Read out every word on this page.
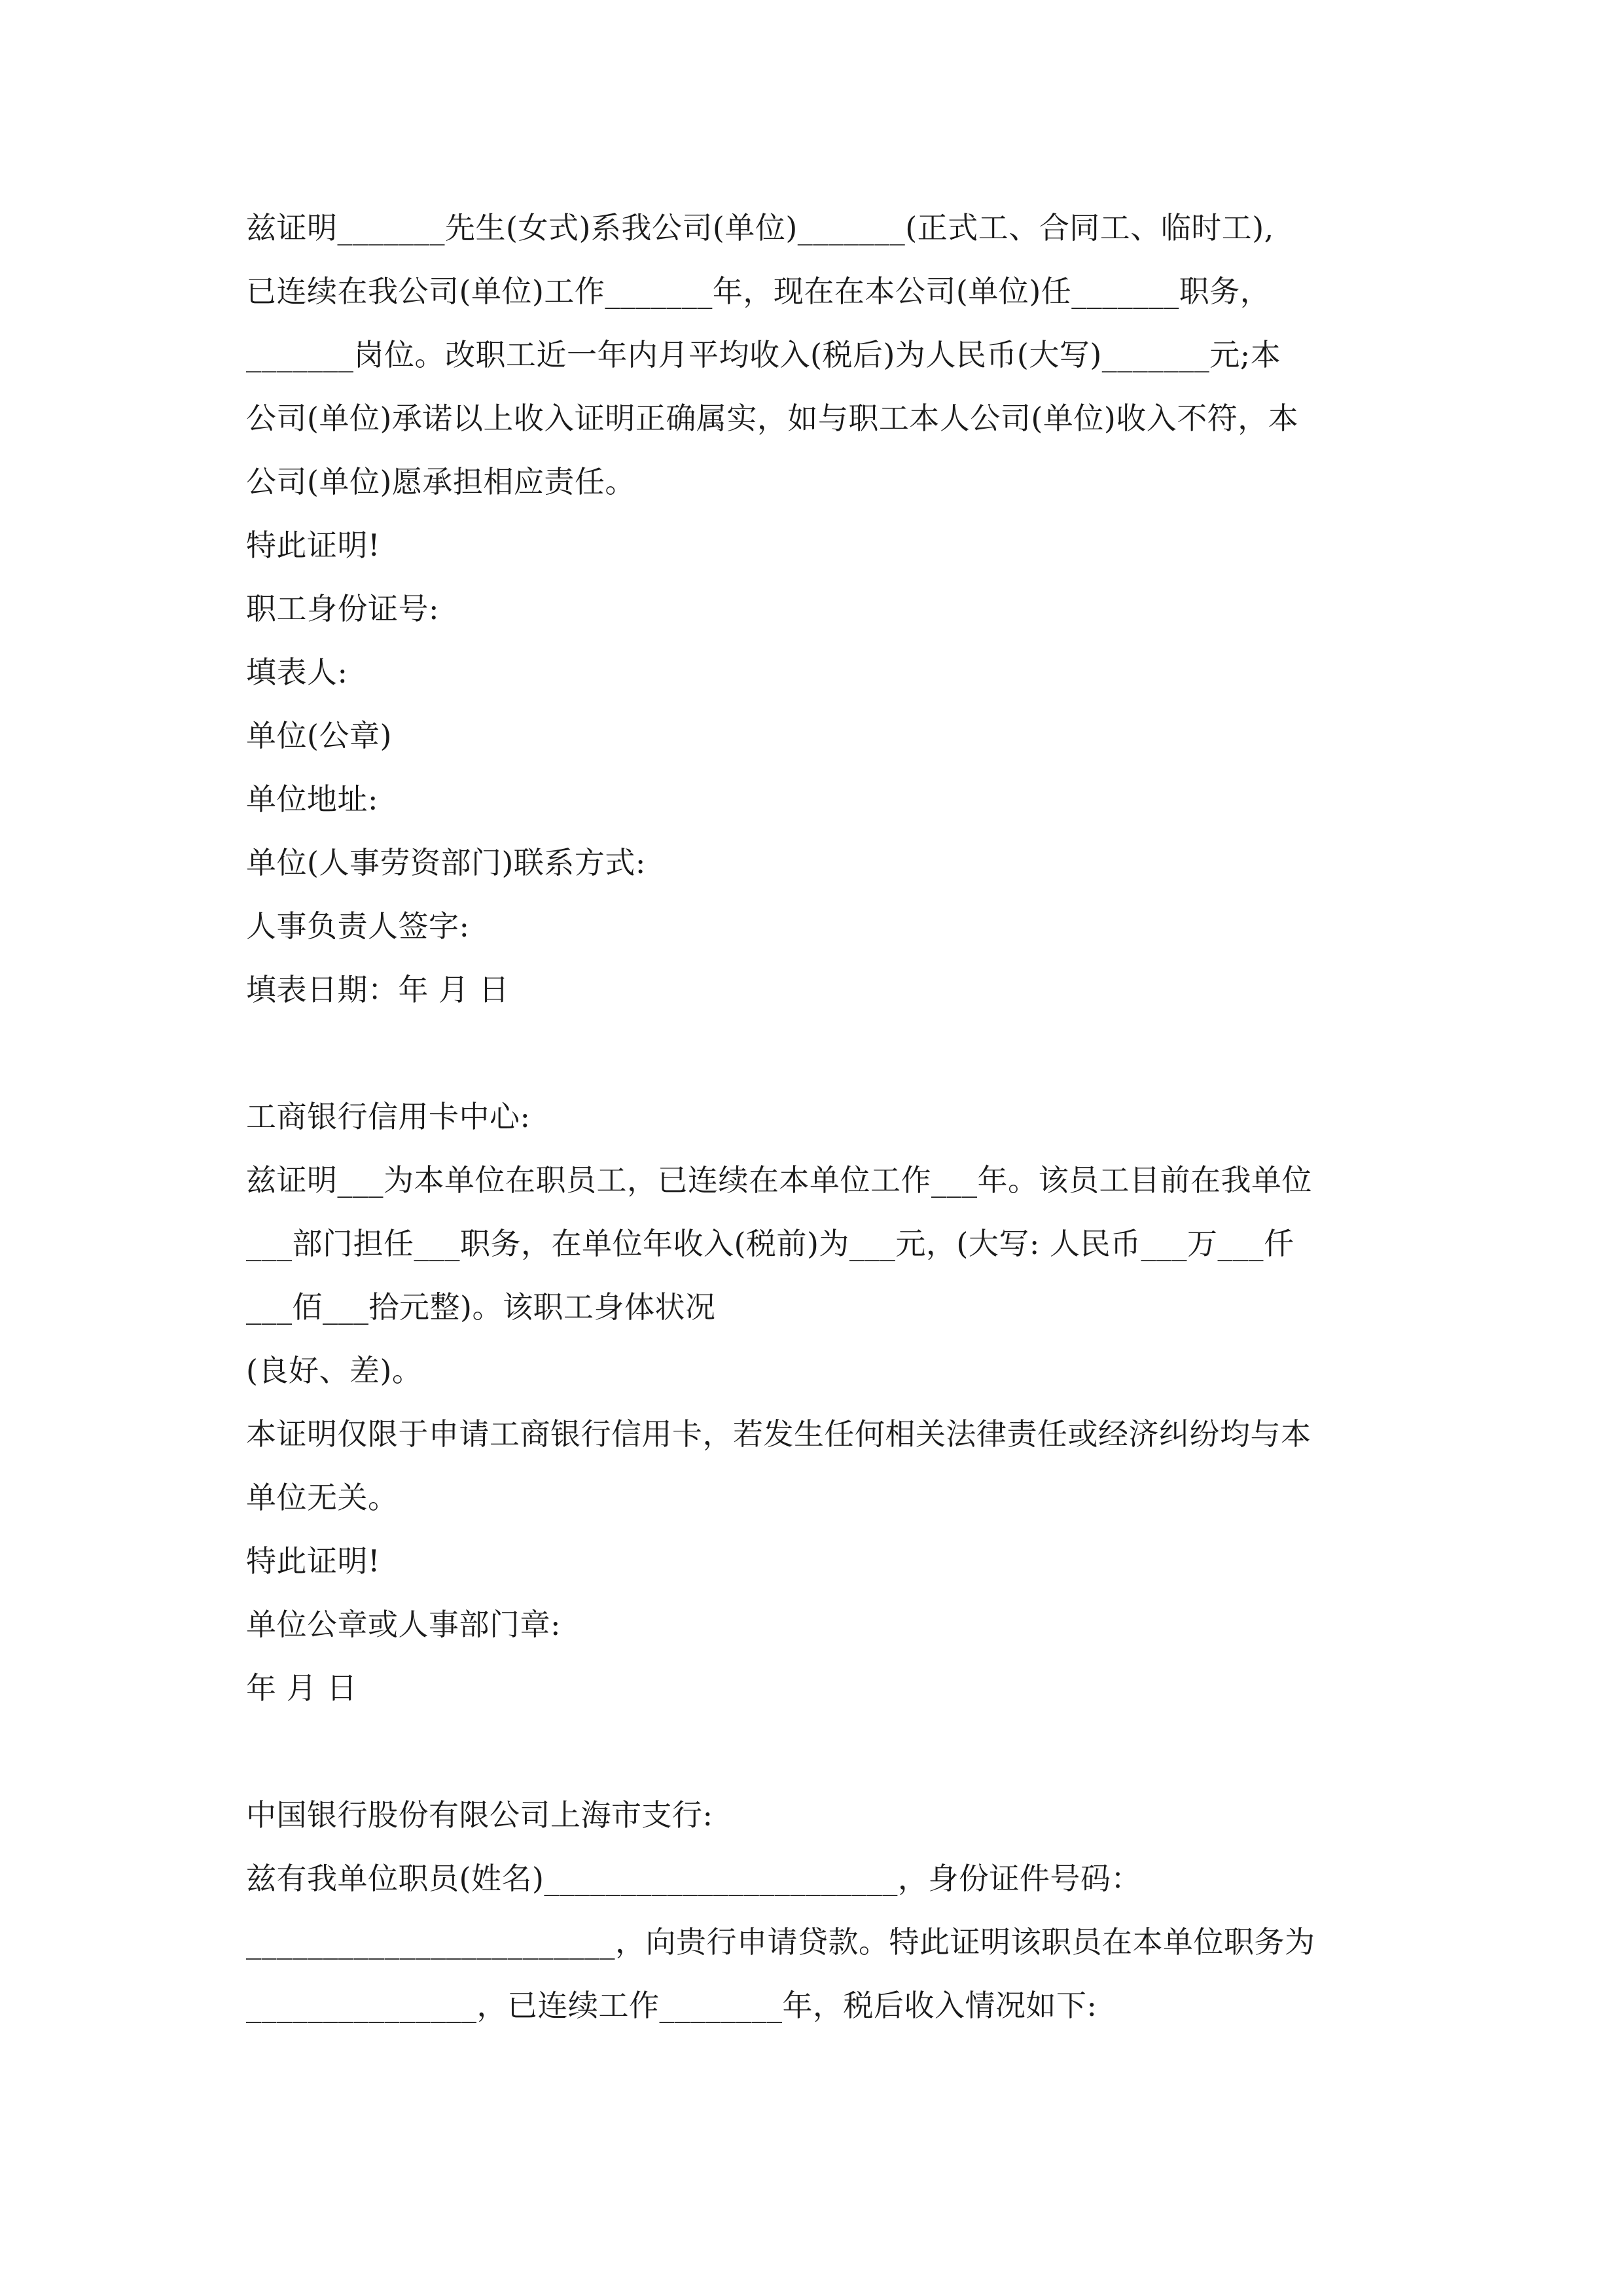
兹证明_______先生(女式)系我公司(单位)_______(正式工、合同工、临时工),

已连续在我公司(单位)工作_______年，现在在本公司(单位)任_______职务，

_______岗位。改职工近一年内月平均收入(税后)为人民币(大写)_______元;本

公司(单位)承诺以上收入证明正确属实，如与职工本人公司(单位)收入不符，本

公司(单位)愿承担相应责任。

特此证明!

职工身份证号:

填表人:

单位(公章)

单位地址:

单位(人事劳资部门)联系方式:

人事负责人签字:

填表日期：年 月 日

工商银行信用卡中心:

兹证明___为本单位在职员工，已连续在本单位工作___年。该员工目前在我单位

___部门担任___职务，在单位年收入(税前)为___元，(大写: 人民币___万___仟

___佰___拾元整)。该职工身体状况

(良好、差)。

本证明仅限于申请工商银行信用卡，若发生任何相关法律责任或经济纠纷均与本

单位无关。

特此证明!

单位公章或人事部门章:

年 月 日

中国银行股份有限公司上海市支行:

兹有我单位职员(姓名)_______________________，身份证件号码：

________________________，向贵行申请贷款。特此证明该职员在本单位职务为

_______________，已连续工作________年，税后收入情况如下:
